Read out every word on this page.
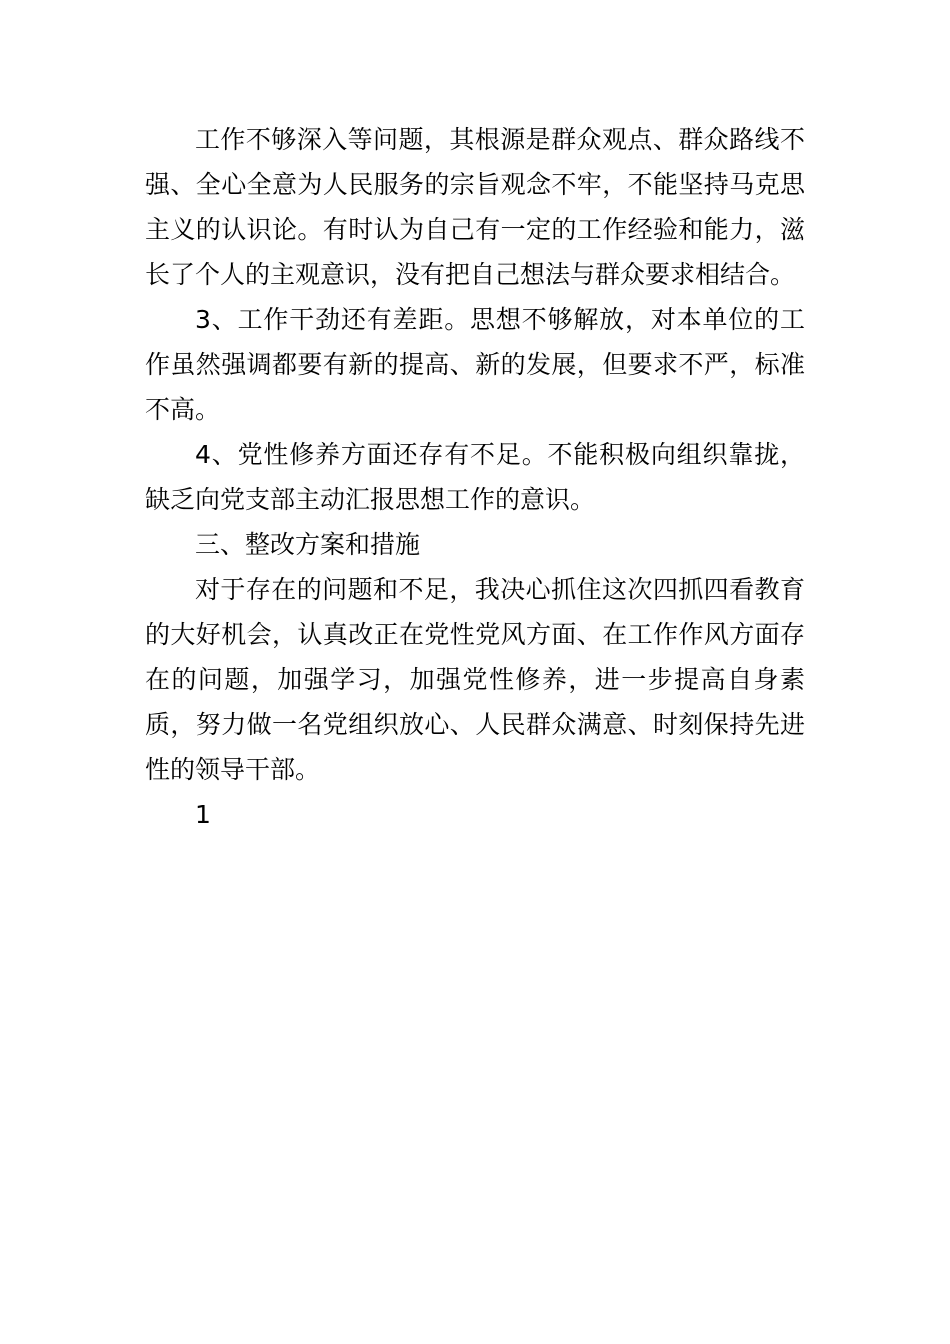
工作不够深入等问题，其根源是群众观点、群众路线不强、全心全意为人民服务的宗旨观念不牢，不能坚持马克思主义的认识论。有时认为自己有一定的工作经验和能力，滋长了个人的主观意识，没有把自己想法与群众要求相结合。

3、工作干劲还有差距。思想不够解放，对本单位的工作虽然强调都要有新的提高、新的发展，但要求不严，标准不高。

4、党性修养方面还存有不足。不能积极向组织靠拢，缺乏向党支部主动汇报思想工作的意识。

三、整改方案和措施

对于存在的问题和不足，我决心抓住这次四抓四看教育的大好机会，认真改正在党性党风方面、在工作作风方面存在的问题，加强学习，加强党性修养，进一步提高自身素质，努力做一名党组织放心、人民群众满意、时刻保持先进性的领导干部。

1
